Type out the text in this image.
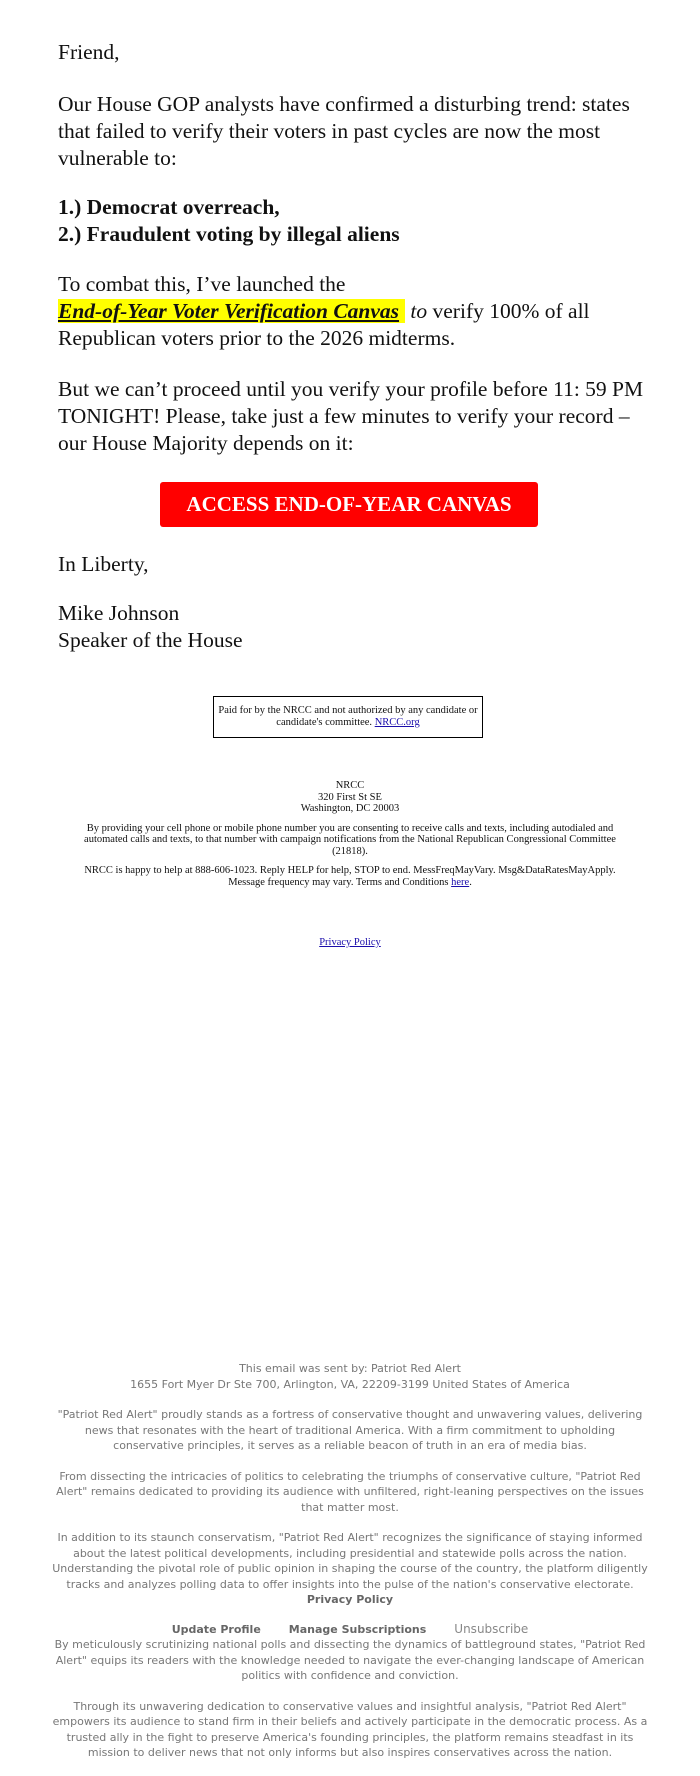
Friend,

Our House GOP analysts have confirmed a disturbing trend: states that failed to verify their voters in past cycles are now the most vulnerable to:

1.) Democrat overreach,

2.) Fraudulent voting by illegal aliens

To combat this, I’ve launched the
End-of-Year Voter Verification Canvas to verify 100% of all Republican voters prior to the 2026 midterms.

But we can’t proceed until you verify your profile before 11: 59 PM TONIGHT! Please, take just a few minutes to verify your record – our House Majority depends on it:

ACCESS END-OF-YEAR CANVAS

In Liberty,

Mike Johnson

Speaker of the House

Paid for by the NRCC and not authorized by any candidate or candidate's committee. NRCC.org

NRCC
320 First St SE
Washington, DC 20003

By providing your cell phone or mobile phone number you are consenting to receive calls and texts, including autodialed and automated calls and texts, to that number with campaign notifications from the National Republican Congressional Committee (21818).

NRCC is happy to help at 888-606-1023. Reply HELP for help, STOP to end. MessFreqMayVary. Msg&DataRatesMayApply. Message frequency may vary. Terms and Conditions here.

Privacy Policy

This email was sent by: Patriot Red Alert
1655 Fort Myer Dr Ste 700, Arlington, VA, 22209-3199 United States of America

"Patriot Red Alert" proudly stands as a fortress of conservative thought and unwavering values, delivering news that resonates with the heart of traditional America. With a firm commitment to upholding conservative principles, it serves as a reliable beacon of truth in an era of media bias.

From dissecting the intricacies of politics to celebrating the triumphs of conservative culture, "Patriot Red Alert" remains dedicated to providing its audience with unfiltered, right-leaning perspectives on the issues that matter most.

In addition to its staunch conservatism, "Patriot Red Alert" recognizes the significance of staying informed about the latest political developments, including presidential and statewide polls across the nation. Understanding the pivotal role of public opinion in shaping the course of the country, the platform diligently tracks and analyzes polling data to offer insights into the pulse of the nation's conservative electorate.
Privacy Policy

Update Profile	Manage Subscriptions Unsubscribe

By meticulously scrutinizing national polls and dissecting the dynamics of battleground states, "Patriot Red Alert" equips its readers with the knowledge needed to navigate the ever-changing landscape of American politics with confidence and conviction.

Through its unwavering dedication to conservative values and insightful analysis, "Patriot Red Alert" empowers its audience to stand firm in their beliefs and actively participate in the democratic process. As a trusted ally in the fight to preserve America's founding principles, the platform remains steadfast in its mission to deliver news that not only informs but also inspires conservatives across the nation.
